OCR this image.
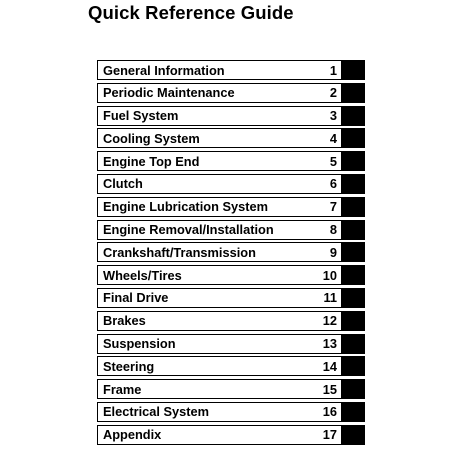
Quick Reference Guide
General Information	1
Periodic Maintenance	2
Fuel System	3
Cooling System	4
Engine Top End	5
Clutch	6
Engine Lubrication System	7
Engine Removal/Installation	8
Crankshaft/Transmission	9
Wheels/Tires	10
Final Drive	11
Brakes	12
Suspension	13
Steering	14
Frame	15
Electrical System	16
Appendix	17
